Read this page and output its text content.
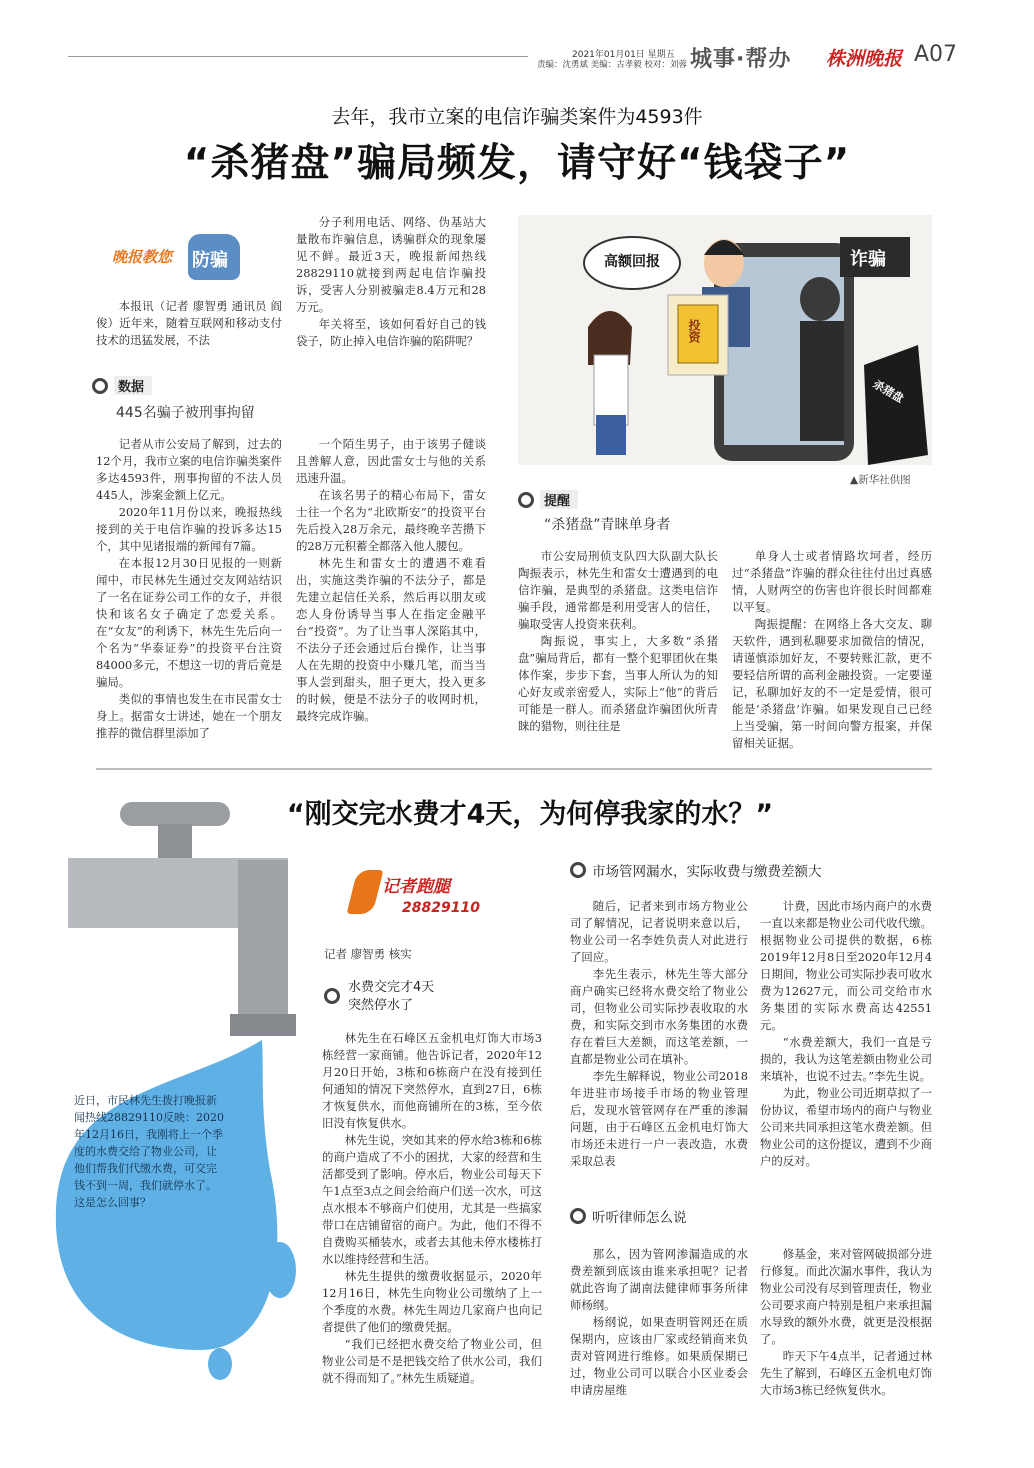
2021年01月01日 星期五
责编：沈勇斌 美编：古孝毅 校对：刘蓉 城事·帮办 株洲晚报 A07
去年，我市立案的电信诈骗类案件为4593件
“杀猪盘”骗局频发，请守好“钱袋子”
晚报教您 防骗

分子利用电话、网络、伪基站大量散布诈骗信息，诱骗群众的现象屡见不鲜。最近3天，晚报新闻热线28829110就接到两起电信诈骗投诉，受害人分别被骗走8.4万元和28万元。

年关将至，该如何看好自己的钱袋子，防止掉入电信诈骗的陷阱呢？

本报讯（记者 廖智勇 通讯员 阎俊）近年来，随着互联网和移动支付技术的迅猛发展，不法

数据
445名骗子被刑事拘留

记者从市公安局了解到，过去的12个月，我市立案的电信诈骗类案件多达4593件，刑事拘留的不法人员445人，涉案金额上亿元。

2020年11月份以来，晚报热线接到的关于电信诈骗的投诉多达15个，其中见诸报端的新闻有7篇。

在本报12月30日见报的一则新闻中，市民林先生通过交友网站结识了一名在证券公司工作的女子，并很快和该名女子确定了恋爱关系。在“女友”的利诱下，林先生先后向一个名为“华泰证券”的投资平台注资84000多元，不想这一切的背后竟是骗局。

类似的事情也发生在市民雷女士身上。据雷女士讲述，她在一个朋友推荐的微信群里添加了

一个陌生男子，由于该男子健谈且善解人意，因此雷女士与他的关系迅速升温。

在该名男子的精心布局下，雷女士往一个名为“北欧斯安”的投资平台先后投入28万余元，最终晚辛苦攒下的28万元积蓄全都落入他人腰包。

林先生和雷女士的遭遇不难看出，实施这类诈骗的不法分子，都是先建立起信任关系，然后再以朋友或恋人身份诱导当事人在指定金融平台“投资”。为了让当事人深陷其中，不法分子还会通过后台操作，让当事人在先期的投资中小赚几笔，而当当事人尝到甜头，胆子更大，投入更多的时候，便是不法分子的收网时机，最终完成诈骗。

高额回报	诈骗
投资
杀猪盘
▲新华社供图
提醒
“杀猪盘”青睐单身者

市公安局刑侦支队四大队副大队长陶振表示，林先生和雷女士遭遇到的电信诈骗，是典型的杀猪盘。这类电信诈骗手段，通常都是利用受害人的信任，骗取受害人投资来获利。

陶振说，事实上，大多数“杀猪盘”骗局背后，都有一整个犯罪团伙在集体作案，步步下套，当事人所认为的知心好友或亲密爱人，实际上“他”的背后可能是一群人。而杀猪盘诈骗团伙所青睐的猎物，则往往是

单身人士或者情路坎坷者，经历过“杀猪盘”诈骗的群众往往付出过真感情，人财两空的伤害也许很长时间都难以平复。

陶振提醒：在网络上各大交友、聊天软件，遇到私聊要求加微信的情况，请谨慎添加好友，不要转账汇款，更不要轻信所谓的高利金融投资。一定要谨记，私聊加好友的不一定是爱情，很可能是‘杀猪盘’诈骗。如果发现自己已经上当受骗，第一时间向警方报案，并保留相关证据。

“刚交完水费才4天，为何停我家的水？”
近日，市民林先生拨打晚报新闻热线28829110反映：2020年12月16日，我刚将上一个季度的水费交给了物业公司，让他们帮我们代缴水费，可交完钱不到一周，我们就停水了。这是怎么回事？
记者跑腿
28829110
记者 廖智勇 核实
水费交完才4天
突然停水了

林先生在石峰区五金机电灯饰大市场3栋经营一家商铺。他告诉记者，2020年12月20日开始，3栋和6栋商户在没有接到任何通知的情况下突然停水，直到27日，6栋才恢复供水，而他商铺所在的3栋，至今依旧没有恢复供水。

林先生说，突如其来的停水给3栋和6栋的商户造成了不小的困扰，大家的经营和生活都受到了影响。停水后，物业公司每天下午1点至3点之间会给商户们送一次水，可这点水根本不够商户们使用，尤其是一些搞家带口在店铺留宿的商户。为此，他们不得不自费购买桶装水，或者去其他未停水楼栋打水以维持经营和生活。

林先生提供的缴费收据显示，2020年12月16日，林先生向物业公司缴纳了上一个季度的水费。林先生周边几家商户也向记者提供了他们的缴费凭据。

“我们已经把水费交给了物业公司，但物业公司是不是把钱交给了供水公司，我们就不得而知了。”林先生质疑道。

市场管网漏水，实际收费与缴费差额大

随后，记者来到市场方物业公司了解情况，记者说明来意以后，物业公司一名李姓负责人对此进行了回应。

李先生表示，林先生等大部分商户确实已经将水费交给了物业公司，但物业公司实际抄表收取的水费，和实际交到市水务集团的水费存在着巨大差额，而这笔差额，一直都是物业公司在填补。

李先生解释说，物业公司2018年进驻市场接手市场的物业管理后，发现水管管网存在严重的渗漏问题，由于石峰区五金机电灯饰大市场还未进行一户一表改造，水费采取总表

计费，因此市场内商户的水费一直以来都是物业公司代收代缴。根据物业公司提供的数据，6栋2019年12月8日至2020年12月4日期间，物业公司实际抄表可收水费为12627元，而公司交给市水务集团的实际水费高达42551元。

“水费差额大，我们一直是亏损的，我认为这笔差额由物业公司来填补，也说不过去。”李先生说。

为此，物业公司近期草拟了一份协议，希望市场内的商户与物业公司来共同承担这笔水费差额。但物业公司的这份提议，遭到不少商户的反对。

听听律师怎么说

那么，因为管网渗漏造成的水费差额到底该由谁来承担呢？记者就此咨询了湖南法健律师事务所律师杨纲。

杨纲说，如果查明管网还在质保期内，应该由厂家或经销商来负责对管网进行维修。如果质保期已过，物业公司可以联合小区业委会申请房屋维

修基金，来对管网破损部分进行修复。而此次漏水事件，我认为物业公司没有尽到管理责任，物业公司要求商户特别是租户来承担漏水导致的额外水费，就更是没根据了。

昨天下午4点半，记者通过林先生了解到，石峰区五金机电灯饰大市场3栋已经恢复供水。
